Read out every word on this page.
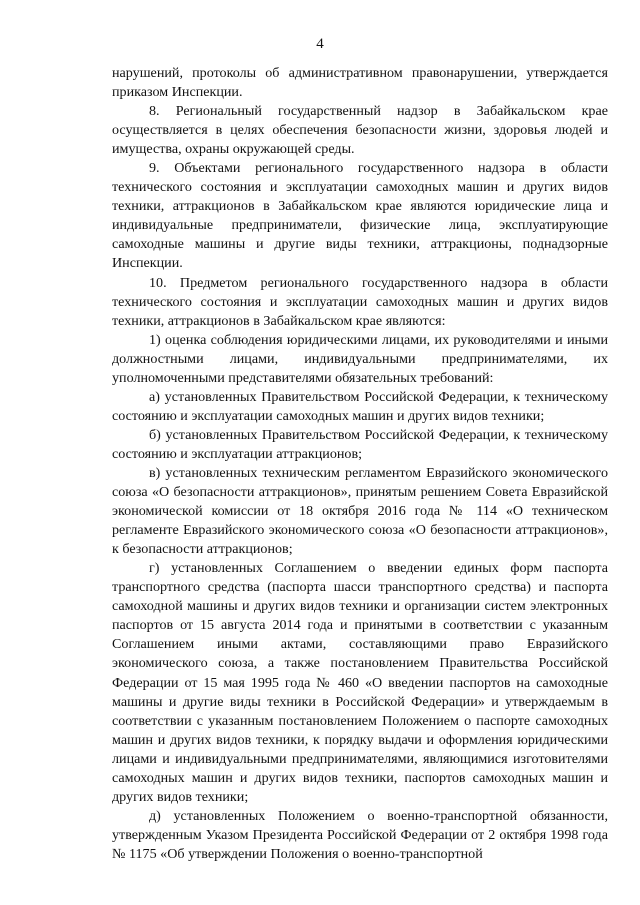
4

нарушений, протоколы об административном правонарушении, утверждается приказом Инспекции.

8. Региональный государственный надзор в Забайкальском крае осуществляется в целях обеспечения безопасности жизни, здоровья людей и имущества, охраны окружающей среды.

9. Объектами регионального государственного надзора в области технического состояния и эксплуатации самоходных машин и других видов техники, аттракционов в Забайкальском крае являются юридические лица и индивидуальные предприниматели, физические лица, эксплуатирующие самоходные машины и другие виды техники, аттракционы, поднадзорные Инспекции.

10. Предметом регионального государственного надзора в области технического состояния и эксплуатации самоходных машин и других видов техники, аттракционов в Забайкальском крае являются:

1) оценка соблюдения юридическими лицами, их руководителями и иными должностными лицами, индивидуальными предпринимателями, их уполномоченными представителями обязательных требований:

а) установленных Правительством Российской Федерации, к техническому состоянию и эксплуатации самоходных машин и других видов техники;

б) установленных Правительством Российской Федерации, к техническому состоянию и эксплуатации аттракционов;

в) установленных техническим регламентом Евразийского экономического союза «О безопасности аттракционов», принятым решением Совета Евразийской экономической комиссии от 18 октября 2016 года № 114 «О техническом регламенте Евразийского экономического союза «О безопасности аттракционов», к безопасности аттракционов;

г) установленных Соглашением о введении единых форм паспорта транспортного средства (паспорта шасси транспортного средства) и паспорта самоходной машины и других видов техники и организации систем электронных паспортов от 15 августа 2014 года и принятыми в соответствии с указанным Соглашением иными актами, составляющими право Евразийского экономического союза, а также постановлением Правительства Российской Федерации от 15 мая 1995 года № 460 «О введении паспортов на самоходные машины и другие виды техники в Российской Федерации» и утверждаемым в соответствии с указанным постановлением Положением о паспорте самоходных машин и других видов техники, к порядку выдачи и оформления юридическими лицами и индивидуальными предпринимателями, являющимися изготовителями самоходных машин и других видов техники, паспортов самоходных машин и других видов техники;

д) установленных Положением о военно-транспортной обязанности, утвержденным Указом Президента Российской Федерации от 2 октября 1998 года № 1175 «Об утверждении Положения о военно-транспортной
